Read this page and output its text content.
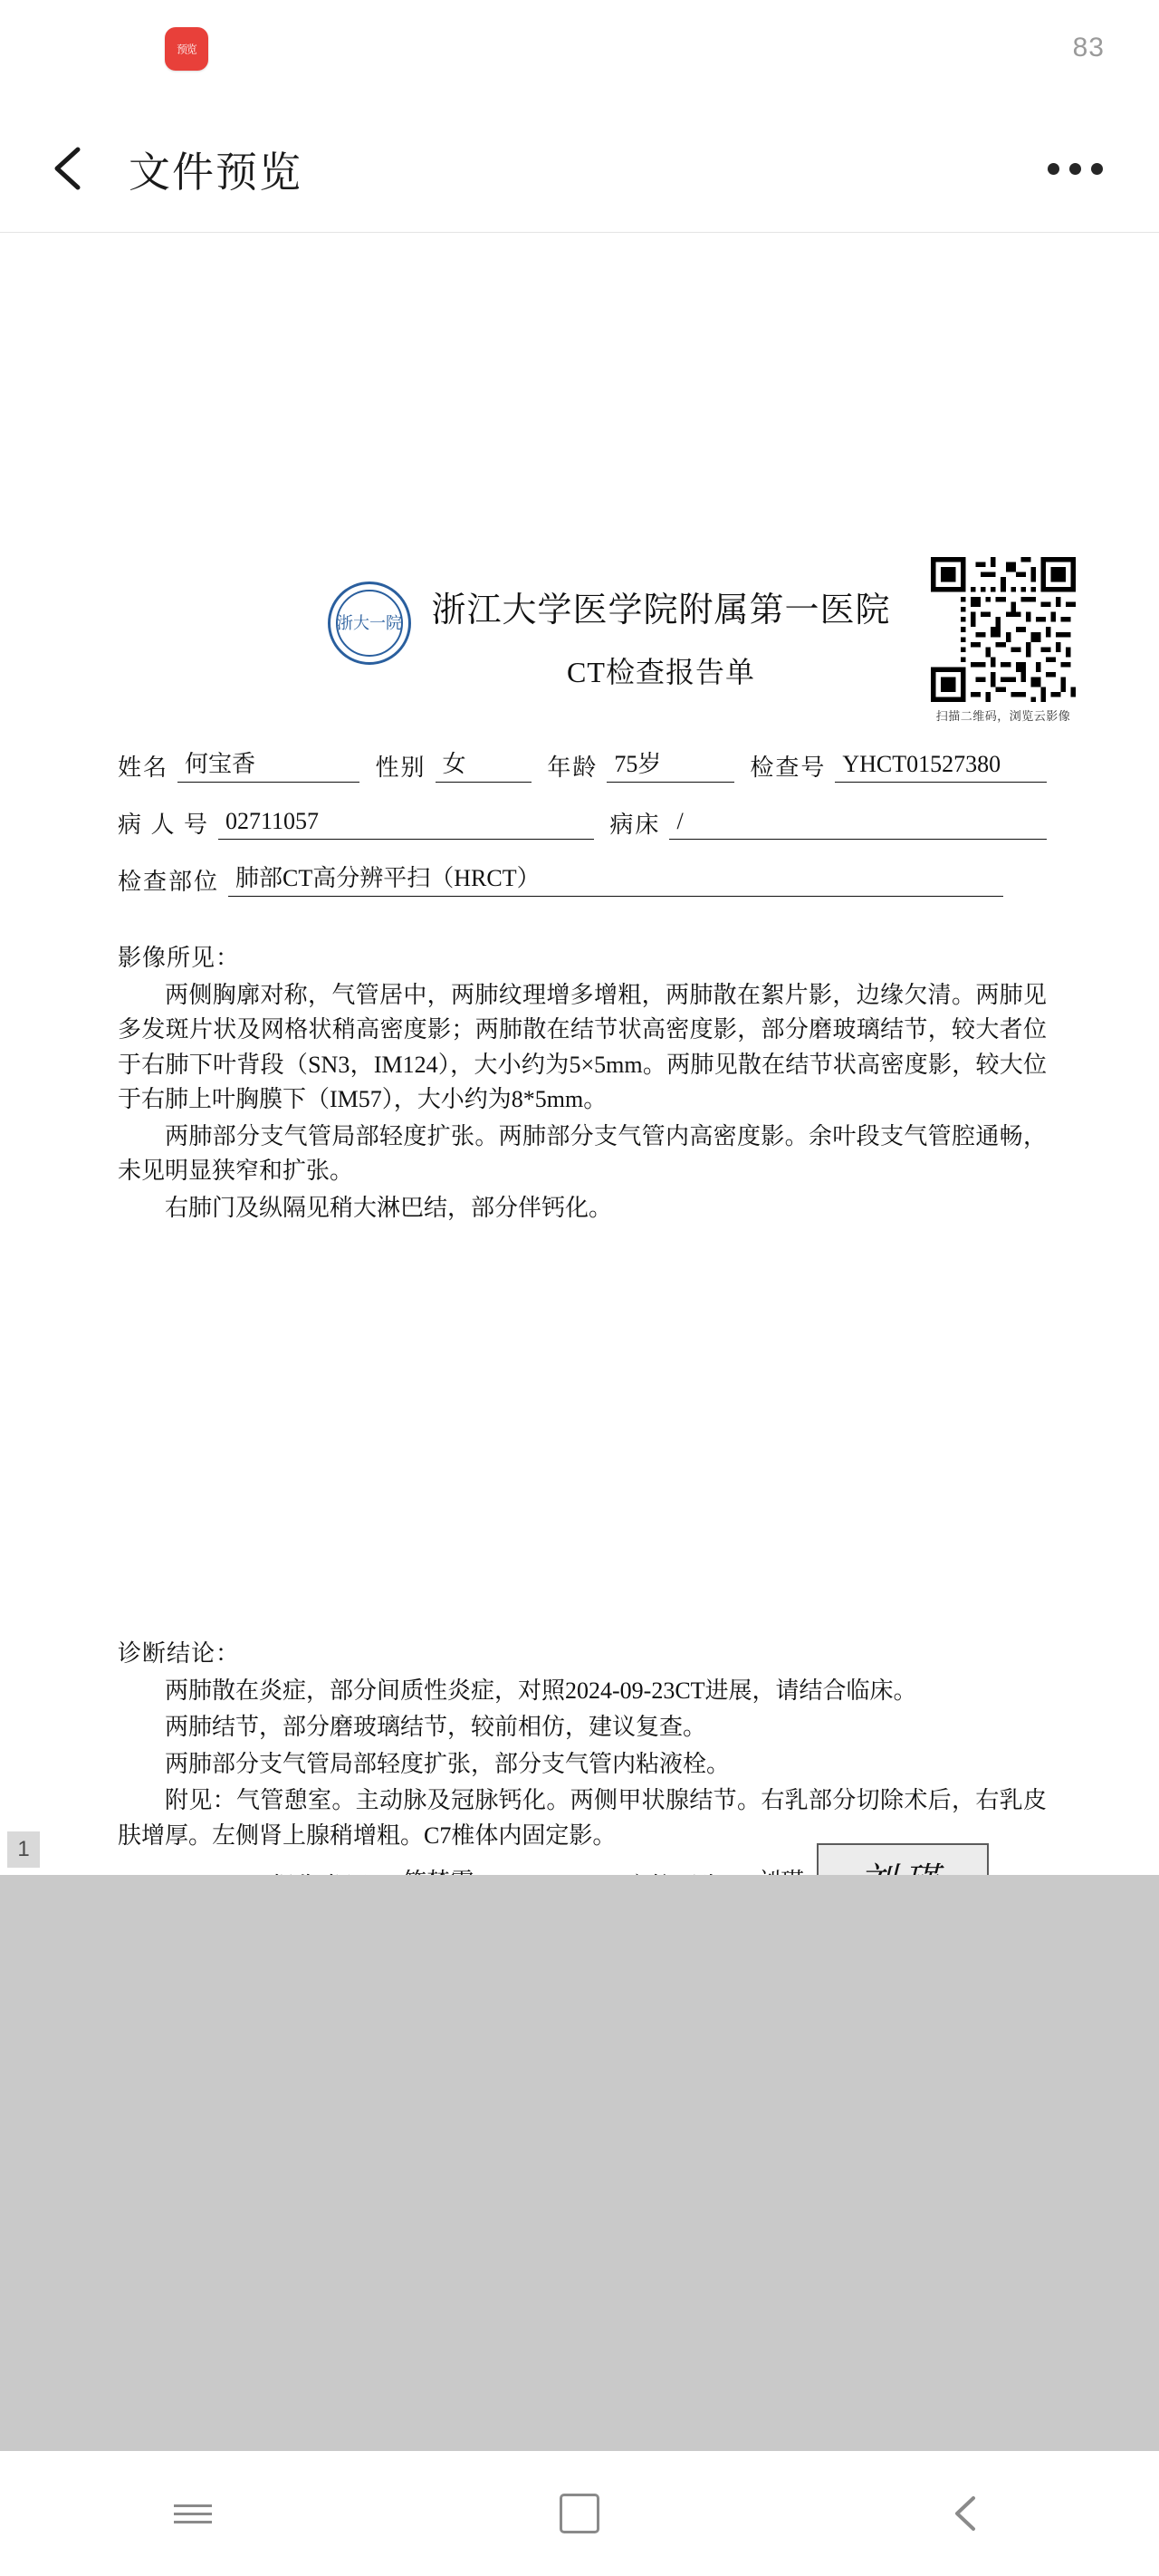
预览	83
文件预览
浙大一院 浙江大学医学院附属第一医院
CT检查报告单
扫描二维码，浏览云影像
姓名 何宝香	性别 女	年龄 75岁	检查号 YHCT01527380
病 人 号 02711057	病床 /
检查部位 肺部CT高分辨平扫（HRCT）
影像所见：

两侧胸廓对称，气管居中，两肺纹理增多增粗，两肺散在絮片影，边缘欠清。两肺见多发斑片状及网格状稍高密度影；两肺散在结节状高密度影，部分磨玻璃结节，较大者位于右肺下叶背段（SN3，IM124），大小约为5×5mm。两肺见散在结节状高密度影，较大位于右肺上叶胸膜下（IM57），大小约为8*5mm。

两肺部分支气管局部轻度扩张。两肺部分支气管内高密度影。余叶段支气管腔通畅，未见明显狭窄和扩张。

右肺门及纵隔见稍大淋巴结，部分伴钙化。

诊断结论：

两肺散在炎症，部分间质性炎症，对照2024-09-23CT进展，请结合临床。

两肺结节，部分磨玻璃结节，较前相仿，建议复查。

两肺部分支气管局部轻度扩张，部分支气管内粘液栓。

附见：气管憩室。主动脉及冠脉钙化。两侧甲状腺结节。右乳部分切除术后，右乳皮肤增厚。左侧肾上腺稍增粗。C7椎体内固定影。

1
